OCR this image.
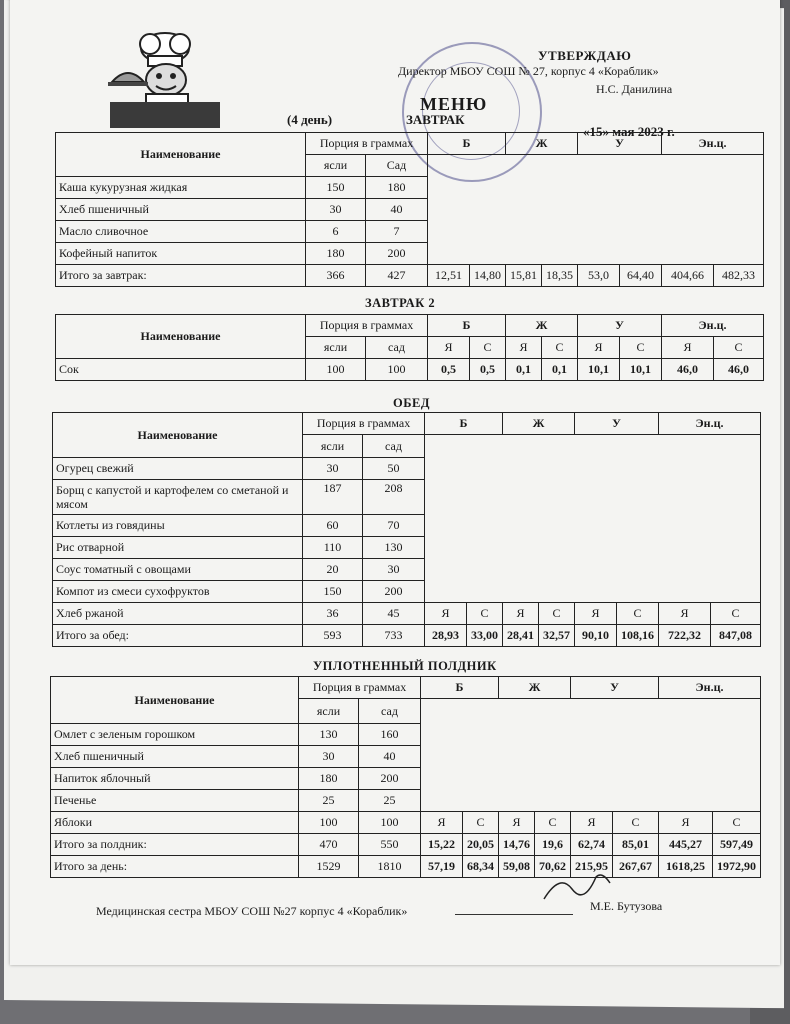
УТВЕРЖДАЮ
Директор МБОУ СОШ № 27, корпус 4 «Кораблик»
Н.С. Данилина
МЕНЮ
ЗАВТРАК
(4 день)
«15» мая 2023 г.
Наименование	Порция в граммах		Б		Ж		У		Эн.ц.	
	ясли	Сад								
Каша кукурузная жидкая	150	180								
Хлеб пшеничный	30	40								
Масло сливочное	6	7								
Кофейный напиток	180	200								
Итого за завтрак:	366	427	12,51	14,80	15,81	18,35	53,0	64,40	404,66	482,33
ЗАВТРАК 2
Наименование	Порция в граммах		Б		Ж		У		Эн.ц.	
	ясли	сад	Я	С	Я	С	Я	С	Я	С
Сок	100	100	0,5	0,5	0,1	0,1	10,1	10,1	46,0	46,0
ОБЕД
Наименование	Порция в граммах		Б		Ж		У		Эн.ц.	
	ясли	сад								
Огурец свежий	30	50								
Борщ с капустой и картофелем со сметаной и мясом	187	208								
Котлеты из говядины	60	70								
Рис отварной	110	130								
Соус томатный с овощами	20	30								
Компот из смеси сухофруктов	150	200								
Хлеб ржаной	36	45	Я	С	Я	С	Я	С	Я	С
Итого за обед:	593	733	28,93	33,00	28,41	32,57	90,10	108,16	722,32	847,08
УПЛОТНЕННЫЙ ПОЛДНИК
Наименование	Порция в граммах		Б		Ж		У		Эн.ц.	
	ясли	сад								
Омлет с зеленым горошком	130	160								
Хлеб пшеничный	30	40								
Напиток яблочный	180	200								
Печенье	25	25								
Яблоки	100	100	Я	С	Я	С	Я	С	Я	С
Итого за полдник:	470	550	15,22	20,05	14,76	19,6	62,74	85,01	445,27	597,49
Итого за день:	1529	1810	57,19	68,34	59,08	70,62	215,95	267,67	1618,25	1972,90
Медицинская сестра МБОУ СОШ №27 корпус 4 «Кораблик»	М.Е. Бутузова
